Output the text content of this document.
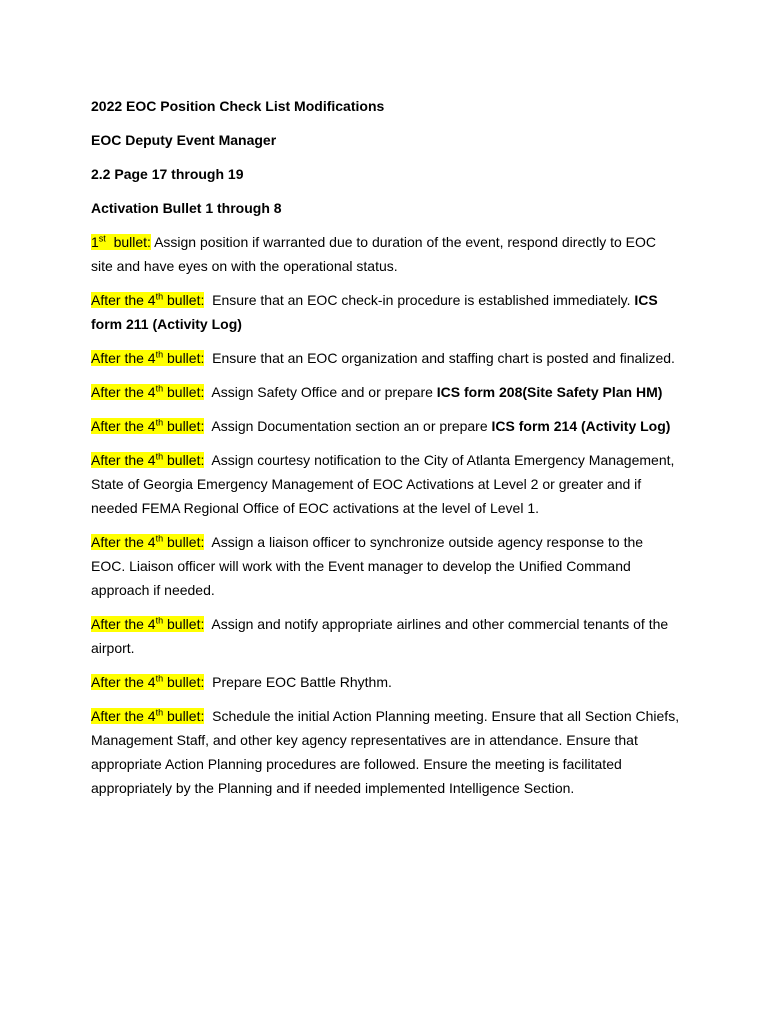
2022 EOC Position Check List Modifications

EOC Deputy Event Manager

2.2 Page 17 through 19

Activation Bullet 1 through 8

1st  bullet: Assign position if warranted due to duration of the event, respond directly to EOC site and have eyes on with the operational status.

After the 4th bullet:  Ensure that an EOC check-in procedure is established immediately. ICS form 211 (Activity Log)

After the 4th bullet:  Ensure that an EOC organization and staffing chart is posted and finalized.

After the 4th bullet:  Assign Safety Office and or prepare ICS form 208(Site Safety Plan HM)

After the 4th bullet:  Assign Documentation section an or prepare ICS form 214 (Activity Log)

After the 4th bullet:  Assign courtesy notification to the City of Atlanta Emergency Management, State of Georgia Emergency Management of EOC Activations at Level 2 or greater and if needed FEMA Regional Office of EOC activations at the level of Level 1.

After the 4th bullet:  Assign a liaison officer to synchronize outside agency response to the EOC. Liaison officer will work with the Event manager to develop the Unified Command approach if needed.

After the 4th bullet:  Assign and notify appropriate airlines and other commercial tenants of the airport.

After the 4th bullet:  Prepare EOC Battle Rhythm.

After the 4th bullet:  Schedule the initial Action Planning meeting. Ensure that all Section Chiefs, Management Staff, and other key agency representatives are in attendance. Ensure that appropriate Action Planning procedures are followed. Ensure the meeting is facilitated appropriately by the Planning and if needed implemented Intelligence Section.
